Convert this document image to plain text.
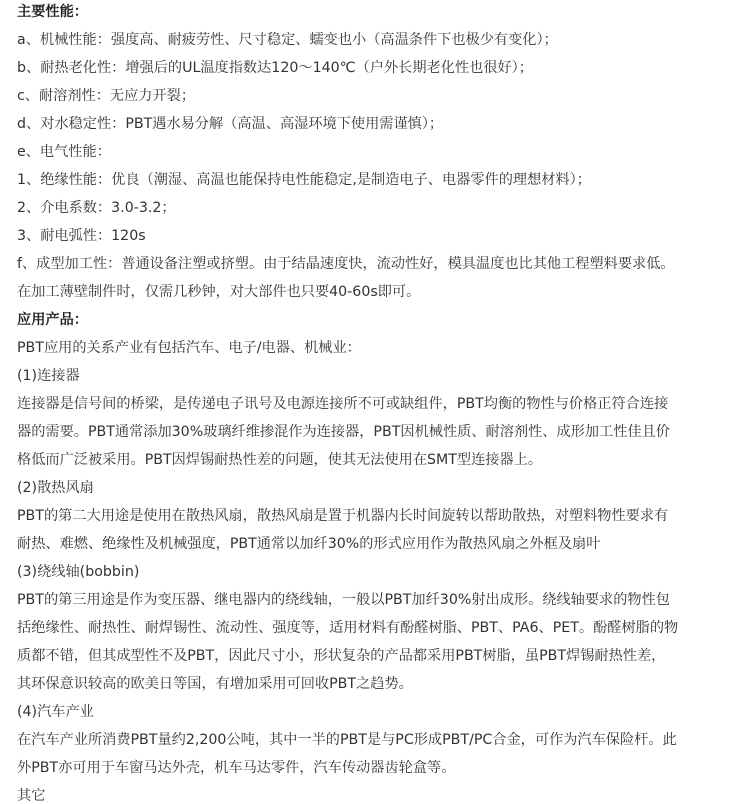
主要性能：
a、机械性能：强度高、耐疲劳性、尺寸稳定、蠕变也小（高温条件下也极少有变化）；
b、耐热老化性：增强后的UL温度指数达120～140℃（户外长期老化性也很好）；
c、耐溶剂性：无应力开裂；
d、对水稳定性：PBT遇水易分解（高温、高湿环境下使用需谨慎）；
e、电气性能：
1、绝缘性能：优良（潮湿、高温也能保持电性能稳定,是制造电子、电器零件的理想材料）；
2、介电系数：3.0-3.2；
3、耐电弧性：120s
f、成型加工性：普通设备注塑或挤塑。由于结晶速度快，流动性好，模具温度也比其他工程塑料要求低。
在加工薄壁制件时，仅需几秒钟，对大部件也只要40-60s即可。
应用产品：
PBT应用的关系产业有包括汽车、电子/电器、机械业：
(1)连接器
连接器是信号间的桥梁，是传递电子讯号及电源连接所不可或缺组件，PBT均衡的物性与价格正符合连接
器的需要。PBT通常添加30%玻璃纤维掺混作为连接器，PBT因机械性质、耐溶剂性、成形加工性佳且价
格低而广泛被采用。PBT因焊锡耐热性差的问题，使其无法使用在SMT型连接器上。
(2)散热风扇
PBT的第二大用途是使用在散热风扇，散热风扇是置于机器内长时间旋转以帮助散热，对塑料物性要求有
耐热、难燃、绝缘性及机械强度，PBT通常以加纤30%的形式应用作为散热风扇之外框及扇叶
(3)绕线轴(bobbin)
PBT的第三用途是作为变压器、继电器内的绕线轴，一般以PBT加纤30%射出成形。绕线轴要求的物性包
括绝缘性、耐热性、耐焊锡性、流动性、强度等，适用材料有酚醛树脂、PBT、PA6、PET。酚醛树脂的物
质都不错，但其成型性不及PBT，因此尺寸小，形状复杂的产品都采用PBT树脂，虽PBT焊锡耐热性差，
其环保意识较高的欧美日等国，有增加采用可回收PBT之趋势。
(4)汽车产业
在汽车产业所消费PBT量约2,200公吨，其中一半的PBT是与PC形成PBT/PC合金，可作为汽车保险杆。此
外PBT亦可用于车窗马达外壳，机车马达零件，汽车传动器齿轮盒等。
其它
